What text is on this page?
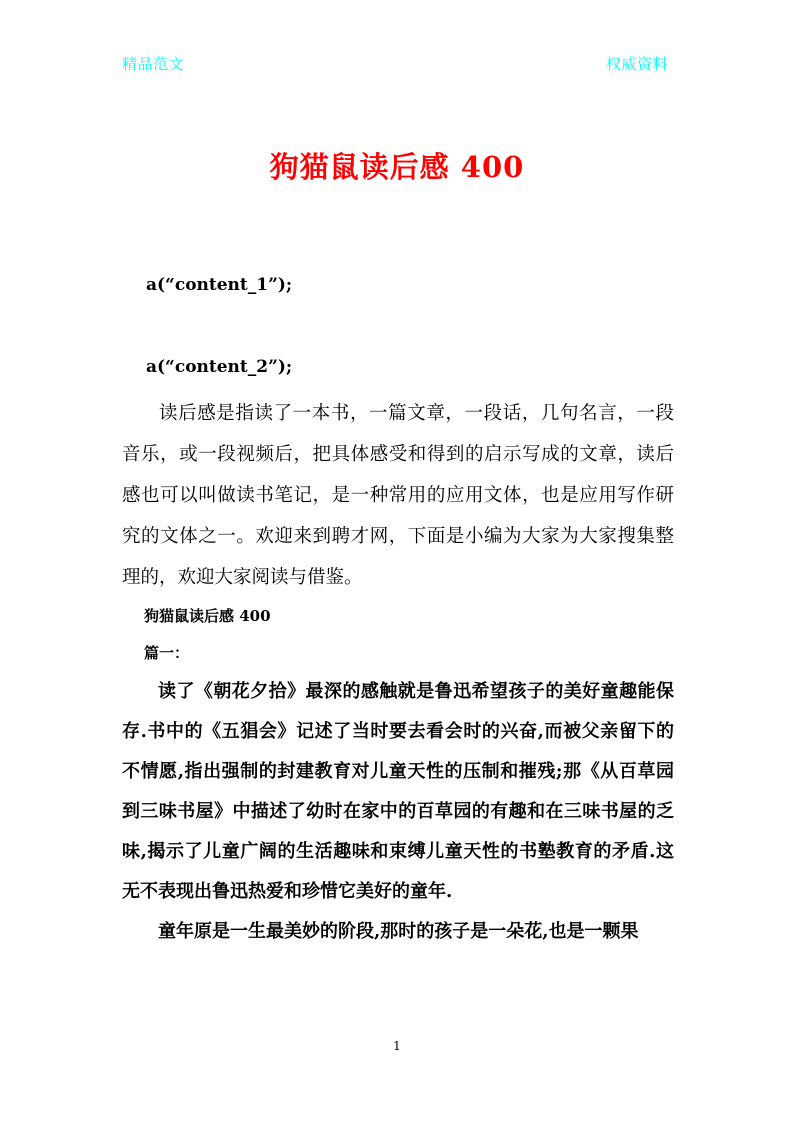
精品范文	权威资料
狗猫鼠读后感 400

a(“content_1”);

a(“content_2”);

读后感是指读了一本书，一篇文章，一段话，几句名言，一段音乐，或一段视频后，把具体感受和得到的启示写成的文章，读后感也可以叫做读书笔记，是一种常用的应用文体，也是应用写作研究的文体之一。欢迎来到聘才网，下面是小编为大家为大家搜集整理的，欢迎大家阅读与借鉴。

狗猫鼠读后感 400

篇一：

读了《朝花夕拾》最深的感触就是鲁迅希望孩子的美好童趣能保存.书中的《五猖会》记述了当时要去看会时的兴奋,而被父亲留下的不情愿,指出强制的封建教育对儿童天性的压制和摧残;那《从百草园到三味书屋》中描述了幼时在家中的百草园的有趣和在三味书屋的乏味,揭示了儿童广阔的生活趣味和束缚儿童天性的书塾教育的矛盾.这无不表现出鲁迅热爱和珍惜它美好的童年.

童年原是一生最美妙的阶段,那时的孩子是一朵花,也是一颗果

1
